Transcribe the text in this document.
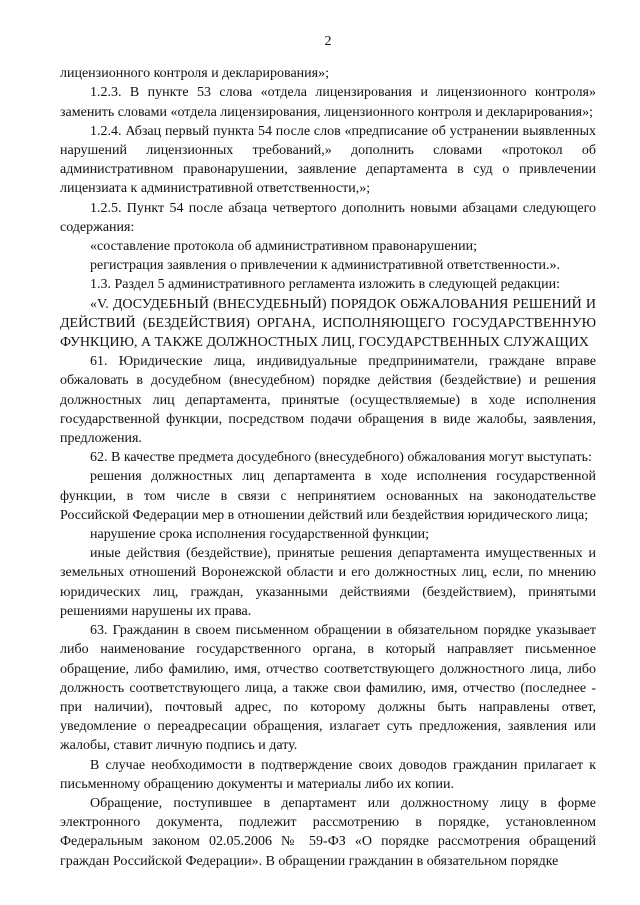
2

лицензионного контроля и декларирования»;

1.2.3. В пункте 53 слова «отдела лицензирования и лицензионного контроля» заменить словами «отдела лицензирования, лицензионного контроля и декларирования»;

1.2.4. Абзац первый пункта 54 после слов «предписание об устранении выявленных нарушений лицензионных требований,» дополнить словами «протокол об административном правонарушении, заявление департамента в суд о привлечении лицензиата к административной ответственности,»;

1.2.5. Пункт 54 после абзаца четвертого дополнить новыми абзацами следующего содержания:

«составление протокола об административном правонарушении;

регистрация заявления о привлечении к административной ответственности.».

1.3. Раздел 5 административного регламента изложить в следующей редакции:

«V. ДОСУДЕБНЫЙ (ВНЕСУДЕБНЫЙ) ПОРЯДОК ОБЖАЛОВАНИЯ РЕШЕНИЙ И ДЕЙСТВИЙ (БЕЗДЕЙСТВИЯ) ОРГАНА, ИСПОЛНЯЮЩЕГО ГОСУДАРСТВЕННУЮ ФУНКЦИЮ, А ТАКЖЕ ДОЛЖНОСТНЫХ ЛИЦ, ГОСУДАРСТВЕННЫХ СЛУЖАЩИХ

61. Юридические лица, индивидуальные предприниматели, граждане вправе обжаловать в досудебном (внесудебном) порядке действия (бездействие) и решения должностных лиц департамента, принятые (осуществляемые) в ходе исполнения государственной функции, посредством подачи обращения в виде жалобы, заявления, предложения.

62. В качестве предмета досудебного (внесудебного) обжалования могут выступать:

решения должностных лиц департамента в ходе исполнения государственной функции, в том числе в связи с непринятием основанных на законодательстве Российской Федерации мер в отношении действий или бездействия юридического лица;

нарушение срока исполнения государственной функции;

иные действия (бездействие), принятые решения департамента имущественных и земельных отношений Воронежской области и его должностных лиц, если, по мнению юридических лиц, граждан, указанными действиями (бездействием), принятыми решениями нарушены их права.

63. Гражданин в своем письменном обращении в обязательном порядке указывает либо наименование государственного органа, в который направляет письменное обращение, либо фамилию, имя, отчество соответствующего должностного лица, либо должность соответствующего лица, а также свои фамилию, имя, отчество (последнее - при наличии), почтовый адрес, по которому должны быть направлены ответ, уведомление о переадресации обращения, излагает суть предложения, заявления или жалобы, ставит личную подпись и дату.

В случае необходимости в подтверждение своих доводов гражданин прилагает к письменному обращению документы и материалы либо их копии.

Обращение, поступившее в департамент или должностному лицу в форме электронного документа, подлежит рассмотрению в порядке, установленном Федеральным законом 02.05.2006 № 59-ФЗ «О порядке рассмотрения обращений граждан Российской Федерации». В обращении гражданин в обязательном порядке
